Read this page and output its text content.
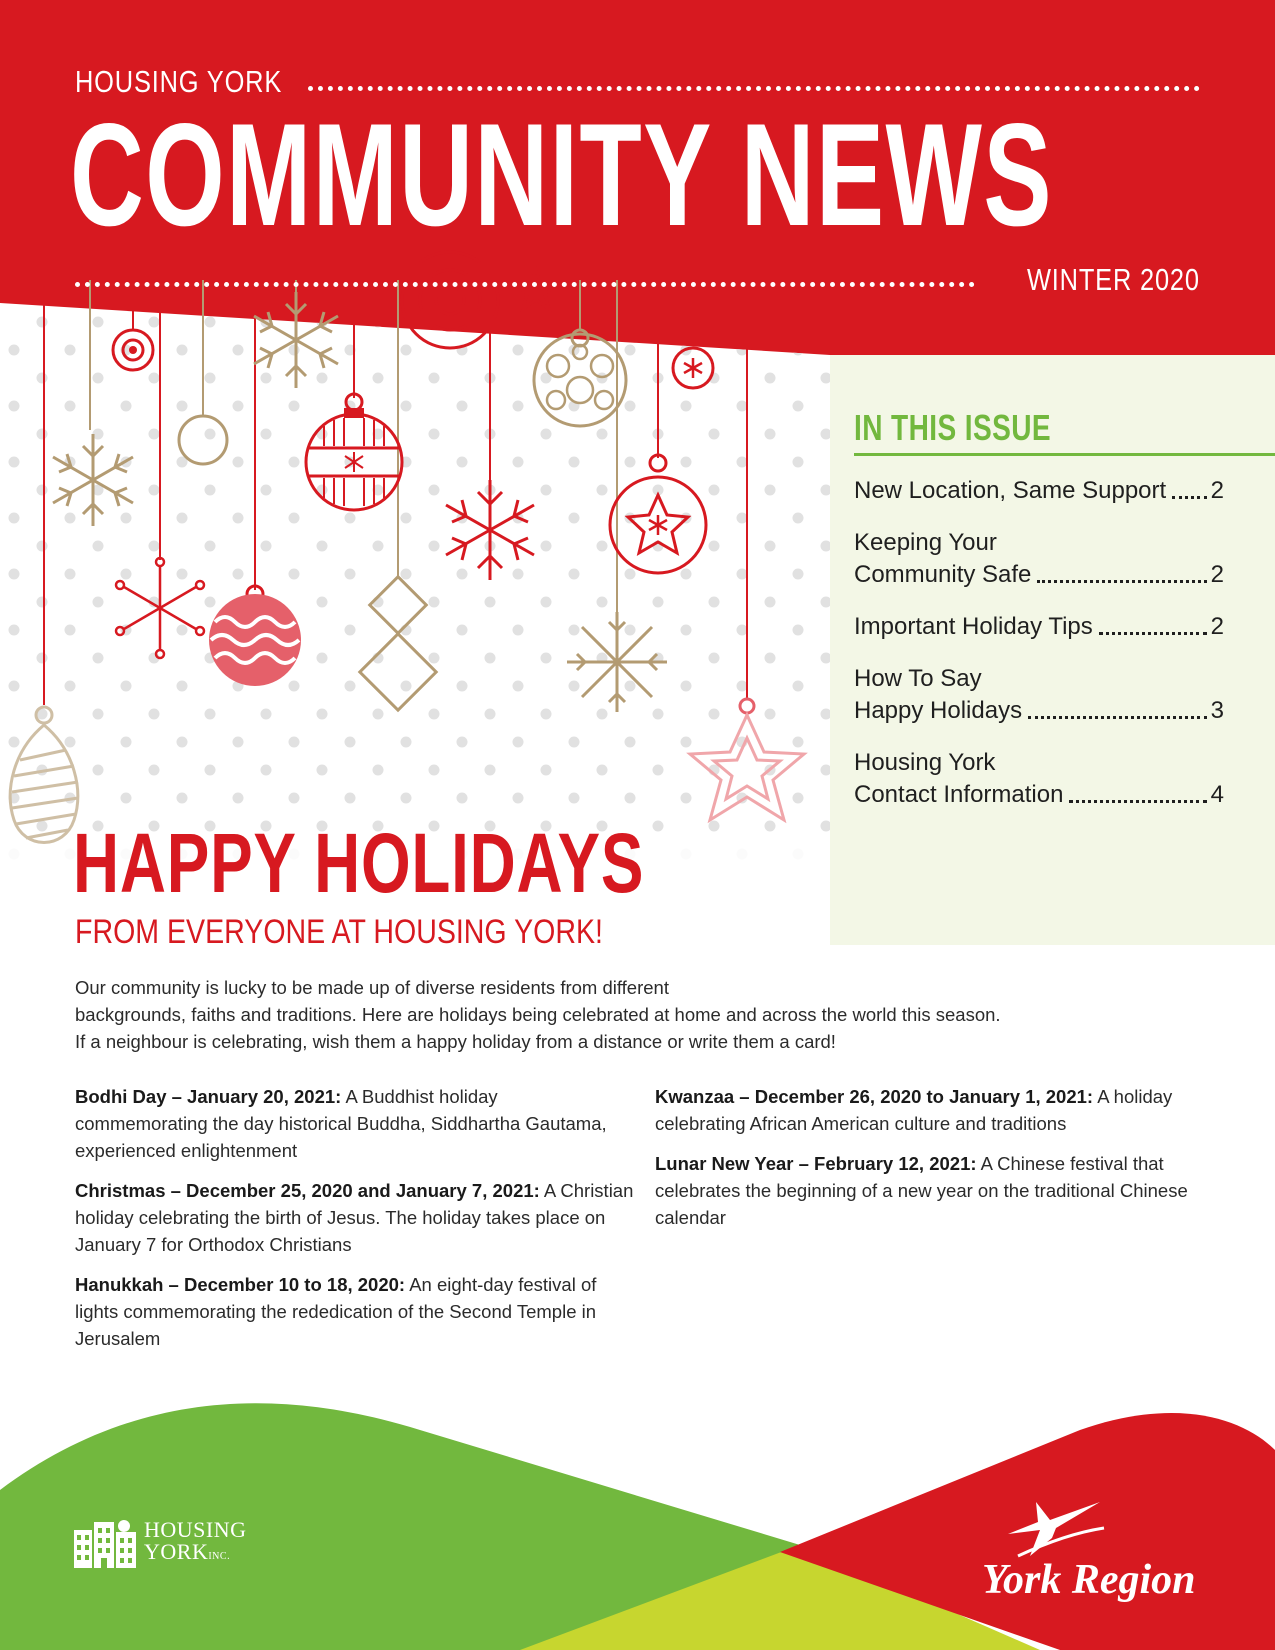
HOUSING YORK
COMMUNITY NEWS
WINTER 2020
IN THIS ISSUE
New Location, Same Support 2
Keeping Your
Community Safe	2
Important Holiday Tips	2
How To Say
Happy Holidays	3
Housing York
Contact Information	4
HAPPY HOLIDAYS
FROM EVERYONE AT HOUSING YORK!

Our community is lucky to be made up of diverse residents from different

backgrounds, faiths and traditions. Here are holidays being celebrated at home and across the world this season.

If a neighbour is celebrating, wish them a happy holiday from a distance or write them a card!

Bodhi Day – January 20, 2021: A Buddhist holiday commemorating the day historical Buddha, Siddhartha Gautama, experienced enlightenment
Christmas – December 25, 2020 and January 7, 2021: A Christian holiday celebrating the birth of Jesus. The holiday takes place on January 7 for Orthodox Christians
Hanukkah – December 10 to 18, 2020: An eight-day festival of lights commemorating the rededication of the Second Temple in Jerusalem
Kwanzaa – December 26, 2020 to January 1, 2021: A holiday celebrating African American culture and traditions
Lunar New Year – February 12, 2021: A Chinese festival that celebrates the beginning of a new year on the traditional Chinese calendar
HOUSING
YORKINC.
York Region
